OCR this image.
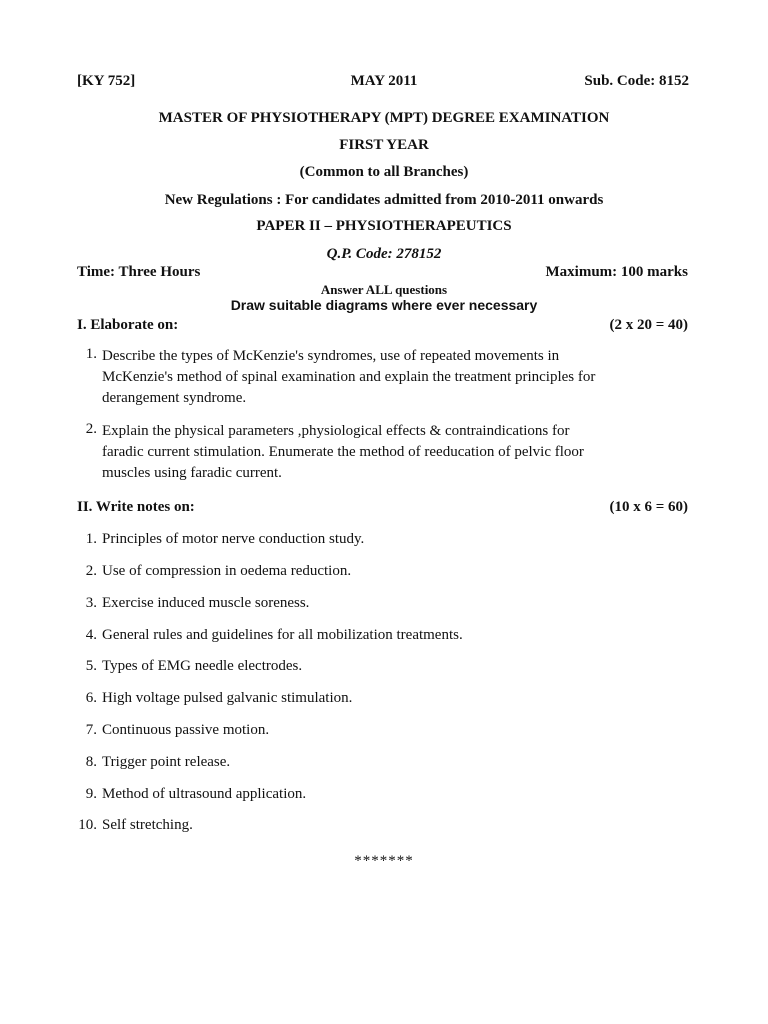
[KY 752]	MAY 2011	Sub. Code: 8152
MASTER OF PHYSIOTHERAPY (MPT) DEGREE EXAMINATION
FIRST YEAR
(Common to all Branches)
New Regulations : For candidates admitted from 2010-2011 onwards
PAPER II – PHYSIOTHERAPEUTICS
Q.P. Code: 278152
Time: Three Hours	Maximum: 100 marks
Answer ALL questions
Draw suitable diagrams where ever necessary
I. Elaborate on:	(2 x 20 = 40)
1. Describe the types of McKenzie's syndromes, use of repeated movements in
McKenzie's method of spinal examination and explain the treatment principles for
derangement syndrome.
2. Explain the physical parameters ,physiological effects & contraindications for
faradic current stimulation. Enumerate the method of reeducation of pelvic floor
muscles using faradic current.
II. Write notes on:	(10 x 6 = 60)
1. Principles of motor nerve conduction study.
2. Use of compression in oedema reduction.
3. Exercise induced muscle soreness.
4. General rules and guidelines for all mobilization treatments.
5. Types of EMG needle electrodes.
6. High voltage pulsed galvanic stimulation.
7. Continuous passive motion.
8. Trigger point release.
9. Method of ultrasound application.
10. Self stretching.
*******
